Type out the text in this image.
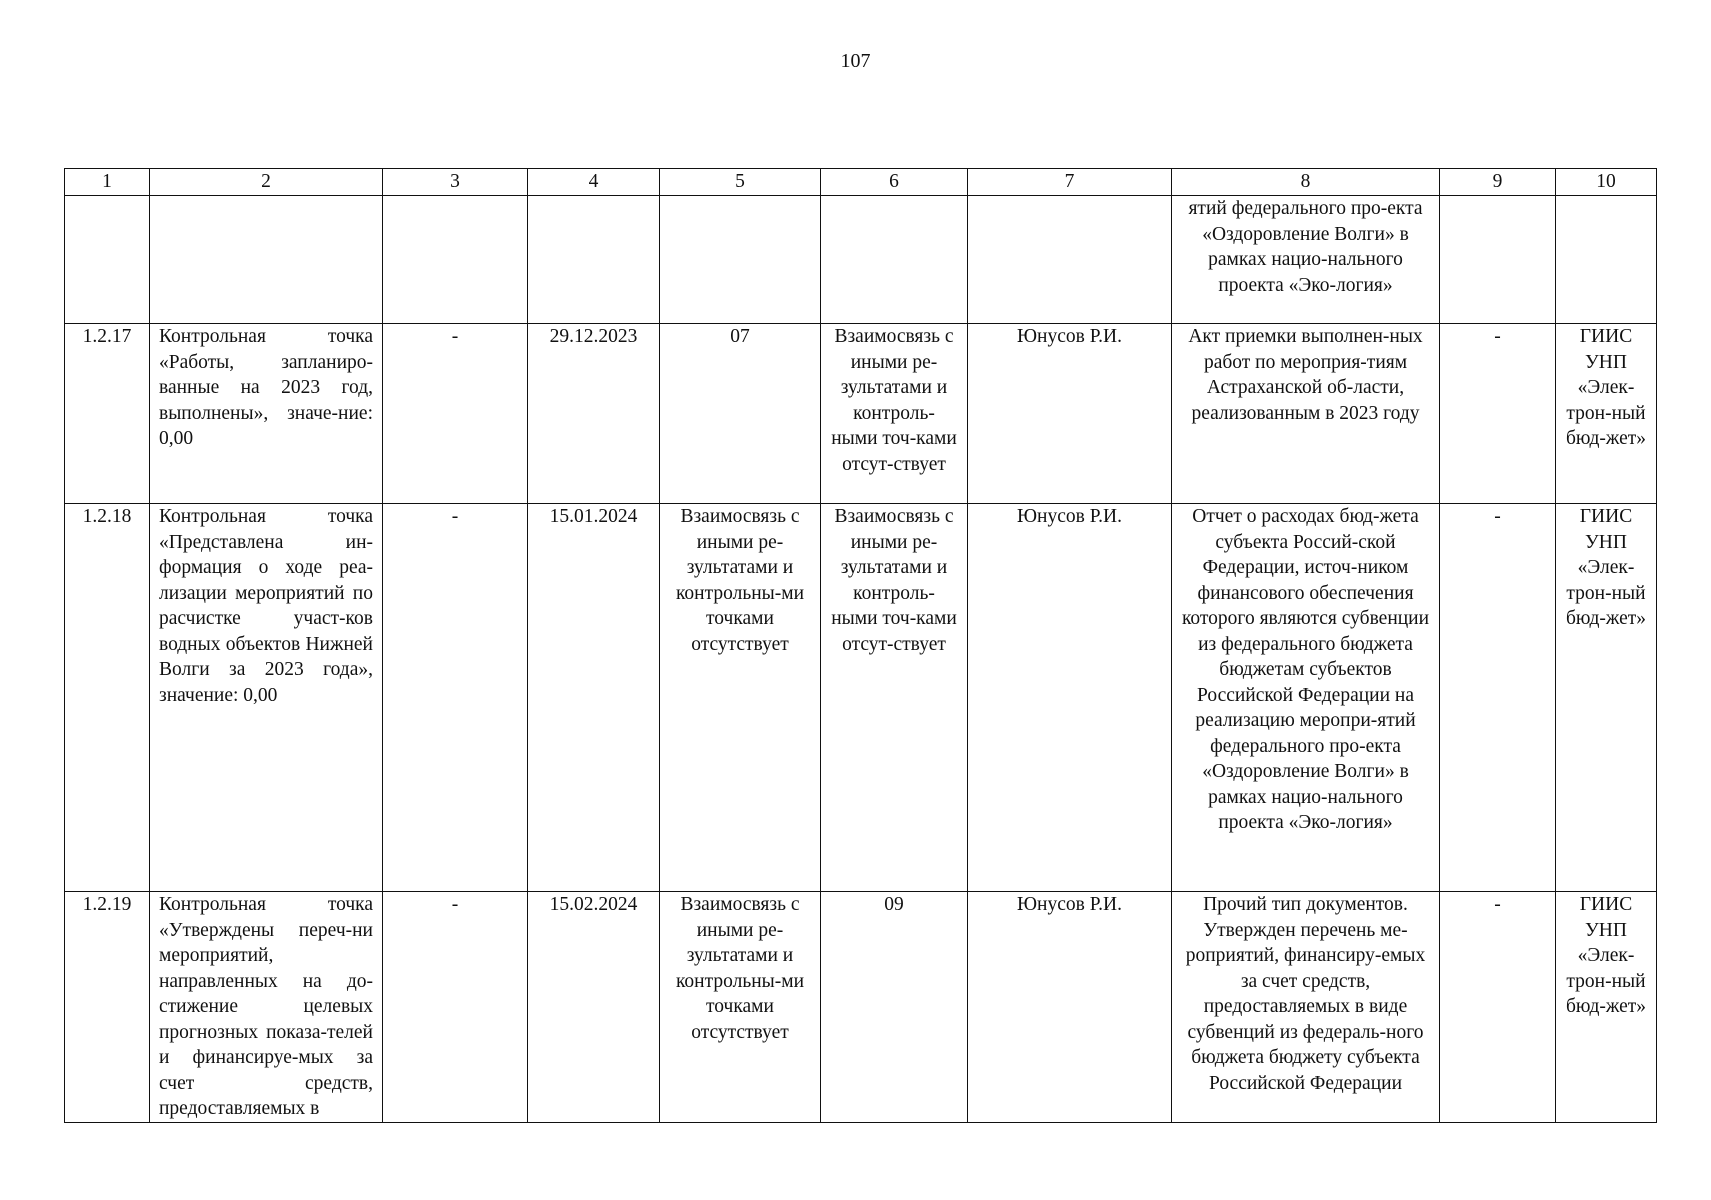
107
1	2	3	4	5	6	7	8	9	10
							ятий федерального про-екта «Оздоровление Волги» в рамках нацио-нального проекта «Эко-логия»		
1.2.17	Контрольная точка «Работы, запланиро-ванные на 2023 год, выполнены», значе-ние: 0,00	-	29.12.2023	07	Взаимосвязь с иными ре-зультатами и контроль-ными точ-ками отсут-ствует	Юнусов Р.И.	Акт приемки выполнен-ных работ по мероприя-тиям Астраханской об-ласти, реализованным в 2023 году	-	ГИИС УНП «Элек-трон-ный бюд-жет»
1.2.18	Контрольная точка «Представлена ин-формация о ходе реа-лизации мероприятий по расчистке участ-ков водных объектов Нижней Волги за 2023 года», значение: 0,00	-	15.01.2024	Взаимосвязь с иными ре-зультатами и контрольны-ми точками отсутствует	Взаимосвязь с иными ре-зультатами и контроль-ными точ-ками отсут-ствует	Юнусов Р.И.	Отчет о расходах бюд-жета субъекта Россий-ской Федерации, источ-ником финансового обеспечения которого являются субвенции из федерального бюджета бюджетам субъектов Российской Федерации на реализацию меропри-ятий федерального про-екта «Оздоровление Волги» в рамках нацио-нального проекта «Эко-логия»	-	ГИИС УНП «Элек-трон-ный бюд-жет»
1.2.19	Контрольная точка «Утверждены переч-ни мероприятий, направленных на до-стижение целевых прогнозных показа-телей и финансируе-мых за счет средств, предоставляемых в	-	15.02.2024	Взаимосвязь с иными ре-зультатами и контрольны-ми точками отсутствует	09	Юнусов Р.И.	Прочий тип документов. Утвержден перечень ме-роприятий, финансиру-емых за счет средств, предоставляемых в виде субвенций из федераль-ного бюджета бюджету субъекта Российской Федерации	-	ГИИС УНП «Элек-трон-ный бюд-жет»
